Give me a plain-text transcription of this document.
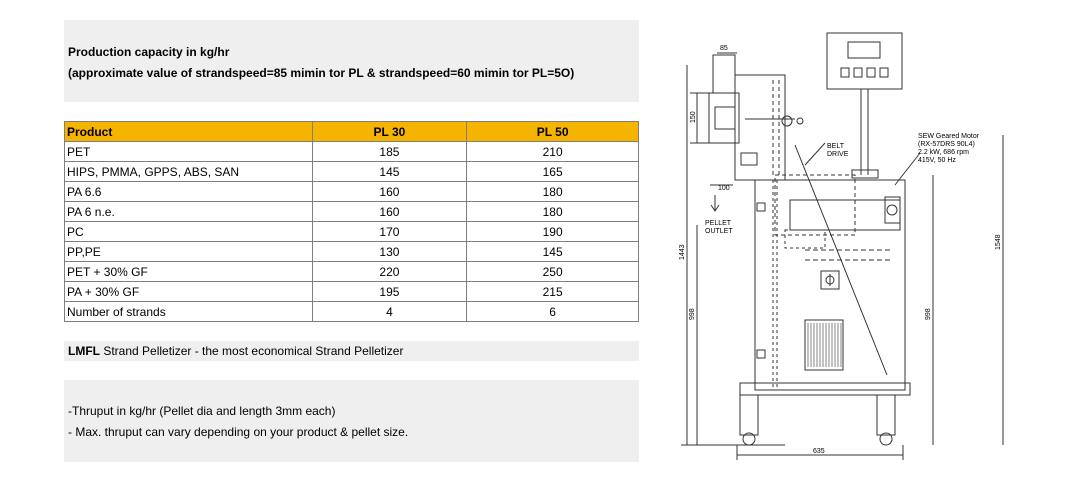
Production capacity in kg/hr
(approximate value of strandspeed=85 mimin tor PL & strandspeed=60 mimin tor PL=5O)
Product	PL 30	PL 50
PET	185	210
HIPS, PMMA, GPPS, ABS, SAN	145	165
PA 6.6	160	180
PA 6 n.e.	160	180
PC	170	190
PP,PE	130	145
PET + 30% GF	220	250
PA + 30% GF	195	215
Number of strands	4	6
LMFL Strand Pelletizer - the most economical Strand Pelletizer
-Thruput in kg/hr (Pellet dia and length 3mm each)
- Max. thruput can vary depending on your product & pellet size.
85
150
100
1443
998	998
1548
635
BELT
DRIVE
PELLET
OUTLET
SEW Geared Motor
(RX-57DRS 90L4)
2.2 kW, 686 rpm
415V, 50 Hz
